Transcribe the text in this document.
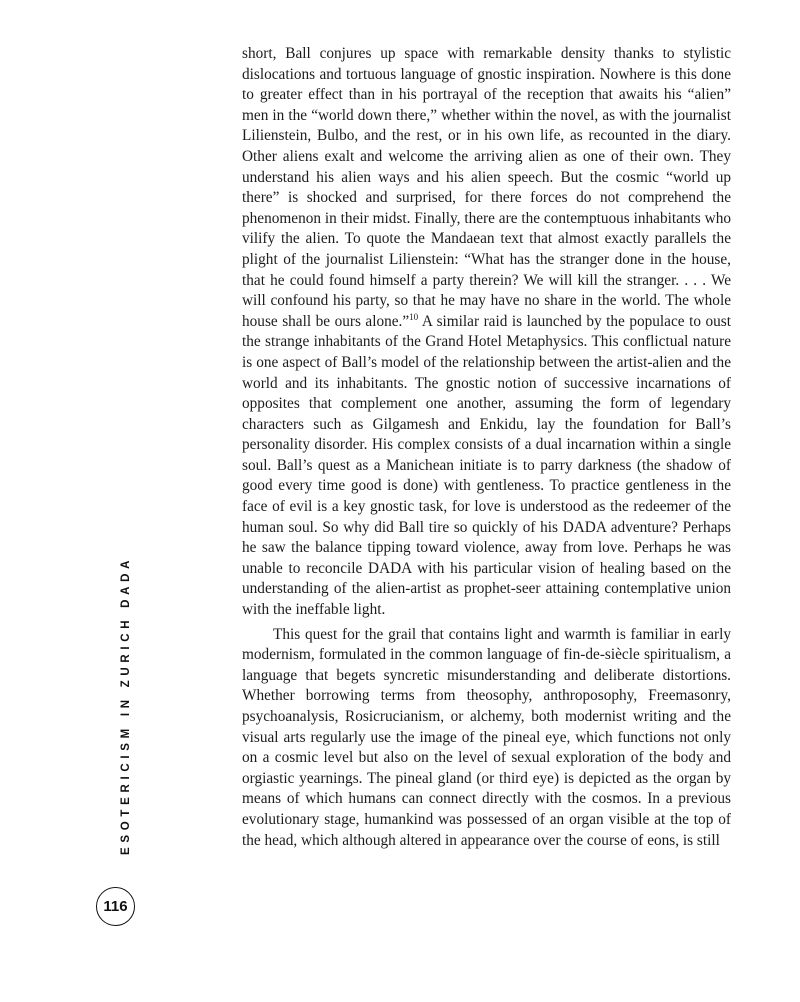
short, Ball conjures up space with remarkable density thanks to stylistic dislocations and tortuous language of gnostic inspiration. Nowhere is this done to greater effect than in his portrayal of the reception that awaits his “alien” men in the “world down there,” whether within the novel, as with the journalist Lilienstein, Bulbo, and the rest, or in his own life, as recounted in the diary. Other aliens exalt and welcome the arriving alien as one of their own. They understand his alien ways and his alien speech. But the cosmic “world up there” is shocked and surprised, for there forces do not comprehend the phenomenon in their midst. Finally, there are the contemptuous inhabitants who vilify the alien. To quote the Mandaean text that almost exactly parallels the plight of the journalist Lilienstein: “What has the stranger done in the house, that he could found himself a party therein? We will kill the stranger. . . . We will confound his party, so that he may have no share in the world. The whole house shall be ours alone.”$^{10}$ A similar raid is launched by the populace to oust the strange inhabitants of the Grand Hotel Metaphysics. This conflictual nature is one aspect of Ball’s model of the relationship between the artist-alien and the world and its inhabitants. The gnostic notion of successive incarnations of opposites that complement one another, assuming the form of legendary characters such as Gilgamesh and Enkidu, lay the foundation for Ball’s personality disorder. His complex consists of a dual incarnation within a single soul. Ball’s quest as a Manichean initiate is to parry darkness (the shadow of good every time good is done) with gentleness. To practice gentleness in the face of evil is a key gnostic task, for love is understood as the redeemer of the human soul. So why did Ball tire so quickly of his DADA adventure? Perhaps he saw the balance tipping toward violence, away from love. Perhaps he was unable to reconcile DADA with his particular vision of healing based on the understanding of the alien-artist as prophet-seer attaining contemplative union with the ineffable light.

This quest for the grail that contains light and warmth is familiar in early modernism, formulated in the common language of fin-de-siècle spiritualism, a language that begets syncretic misunderstanding and deliberate distortions. Whether borrowing terms from theosophy, anthroposophy, Freemasonry, psychoanalysis, Rosicrucianism, or alchemy, both modernist writing and the visual arts regularly use the image of the pineal eye, which functions not only on a cosmic level but also on the level of sexual exploration of the body and orgiastic yearnings. The pineal gland (or third eye) is depicted as the organ by means of which humans can connect directly with the cosmos. In a previous evolutionary stage, humankind was possessed of an organ visible at the top of the head, which although altered in appearance over the course of eons, is still

ESOTERICISM IN ZURICH DADA
116
